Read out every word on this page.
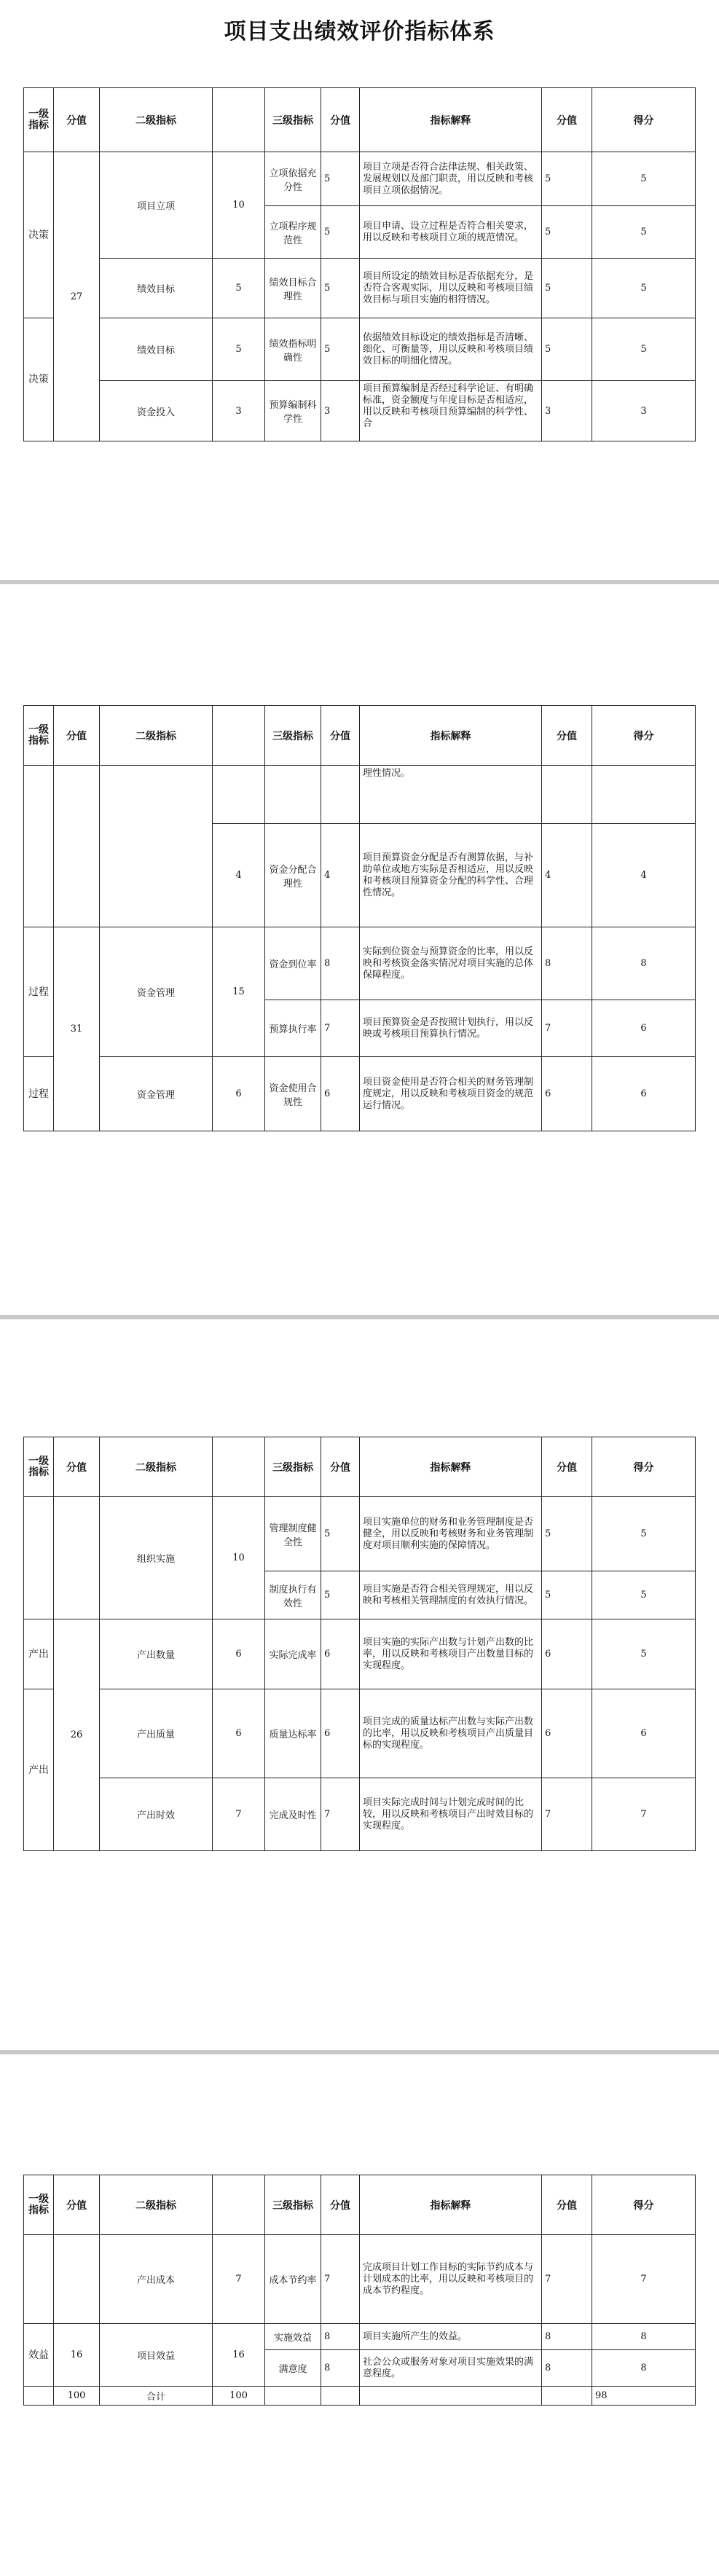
项目支出绩效评价指标体系
一级指标	分值	二级指标		三级指标	分值	指标解释	分值	得分
决策	27	项目立项	10	立项依据充分性	5	项目立项是否符合法律法规、相关政策、发展规划以及部门职责，用以反映和考核项目立项依据情况。	5	5
				立项程序规范性	5	项目申请、设立过程是否符合相关要求，用以反映和考核项目立项的规范情况。	5	5
		绩效目标	5	绩效目标合理性	5	项目所设定的绩效目标是否依据充分，是否符合客观实际，用以反映和考核项目绩效目标与项目实施的相符情况。	5	5
决策		绩效目标	5	绩效指标明确性	5	依据绩效目标设定的绩效指标是否清晰、细化、可衡量等，用以反映和考核项目绩效目标的明细化情况。	5	5
		资金投入	3	预算编制科学性	3	项目预算编制是否经过科学论证、有明确标准，资金额度与年度目标是否相适应，用以反映和考核项目预算编制的科学性、合	3	3
一级指标	分值	二级指标		三级指标	分值	指标解释	分值	得分
						理性情况。		
			4	资金分配合理性	4	项目预算资金分配是否有测算依据，与补助单位或地方实际是否相适应，用以反映和考核项目预算资金分配的科学性、合理性情况。	4	4
过程	31	资金管理	15	资金到位率	8	实际到位资金与预算资金的比率，用以反映和考核资金落实情况对项目实施的总体保障程度。	8	8
				预算执行率	7	项目预算资金是否按照计划执行，用以反映或考核项目预算执行情况。	7	6
过程		资金管理	6	资金使用合规性	6	项目资金使用是否符合相关的财务管理制度规定，用以反映和考核项目资金的规范运行情况。	6	6
一级指标	分值	二级指标		三级指标	分值	指标解释	分值	得分
		组织实施	10	管理制度健全性	5	项目实施单位的财务和业务管理制度是否健全，用以反映和考核财务和业务管理制度对项目顺利实施的保障情况。	5	5
				制度执行有效性	5	项目实施是否符合相关管理规定，用以反映和考核相关管理制度的有效执行情况。	5	5
产出	26	产出数量	6	实际完成率	6	项目实施的实际产出数与计划产出数的比率，用以反映和考核项目产出数量目标的实现程度。	6	5
产出		产出质量	6	质量达标率	6	项目完成的质量达标产出数与实际产出数的比率，用以反映和考核项目产出质量目标的实现程度。	6	6
		产出时效	7	完成及时性	7	项目实际完成时间与计划完成时间的比较，用以反映和考核项目产出时效目标的实现程度。	7	7
一级指标	分值	二级指标		三级指标	分值	指标解释	分值	得分
		产出成本	7	成本节约率	7	完成项目计划工作目标的实际节约成本与计划成本的比率，用以反映和考核项目的成本节约程度。	7	7
效益	16	项目效益	16	实施效益	8	项目实施所产生的效益。	8	8
				满意度	8	社会公众或服务对象对项目实施效果的满意程度。	8	8
	100	合计	100					98
